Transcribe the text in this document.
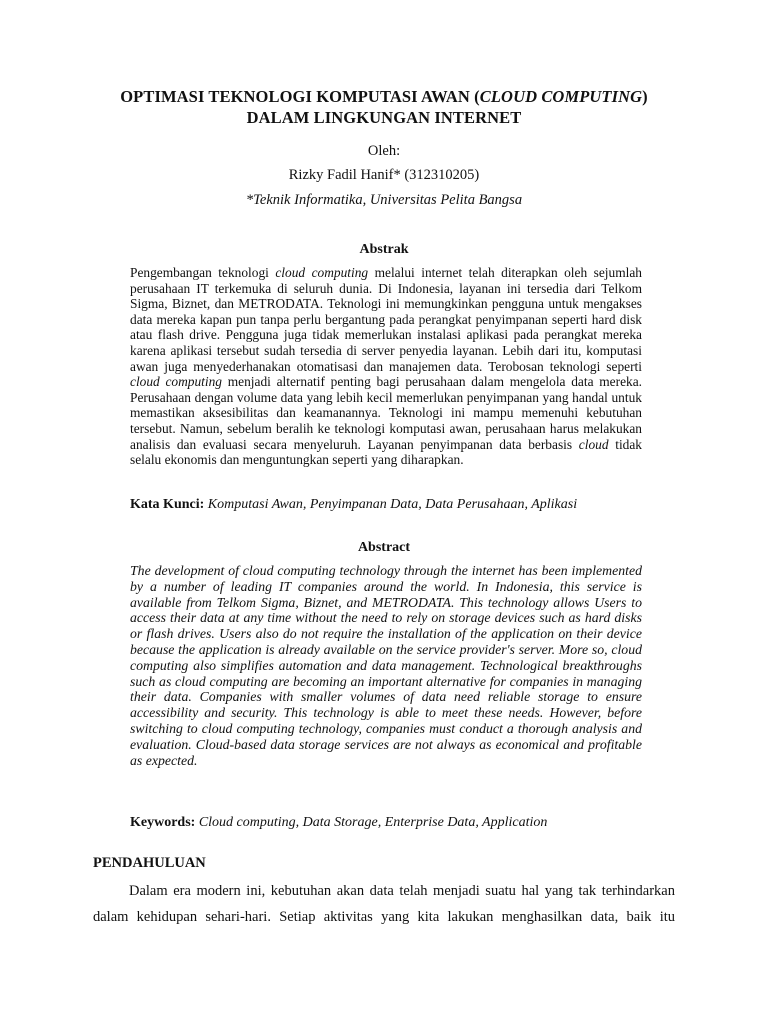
OPTIMASI TEKNOLOGI KOMPUTASI AWAN (CLOUD COMPUTING)
DALAM LINGKUNGAN INTERNET
Oleh:
Rizky Fadil Hanif* (312310205)
*Teknik Informatika, Universitas Pelita Bangsa
Abstrak
Pengembangan teknologi cloud computing melalui internet telah diterapkan oleh sejumlah perusahaan IT terkemuka di seluruh dunia. Di Indonesia, layanan ini tersedia dari Telkom Sigma, Biznet, dan METRODATA. Teknologi ini memungkinkan pengguna untuk mengakses data mereka kapan pun tanpa perlu bergantung pada perangkat penyimpanan seperti hard disk atau flash drive. Pengguna juga tidak memerlukan instalasi aplikasi pada perangkat mereka karena aplikasi tersebut sudah tersedia di server penyedia layanan. Lebih dari itu, komputasi awan juga menyederhanakan otomatisasi dan manajemen data. Terobosan teknologi seperti cloud computing menjadi alternatif penting bagi perusahaan dalam mengelola data mereka. Perusahaan dengan volume data yang lebih kecil memerlukan penyimpanan yang handal untuk memastikan aksesibilitas dan keamanannya. Teknologi ini mampu memenuhi kebutuhan tersebut. Namun, sebelum beralih ke teknologi komputasi awan, perusahaan harus melakukan analisis dan evaluasi secara menyeluruh. Layanan penyimpanan data berbasis cloud tidak selalu ekonomis dan menguntungkan seperti yang diharapkan.
Kata Kunci: Komputasi Awan, Penyimpanan Data, Data Perusahaan, Aplikasi
Abstract
The development of cloud computing technology through the internet has been implemented by a number of leading IT companies around the world. In Indonesia, this service is available from Telkom Sigma, Biznet, and METRODATA. This technology allows Users to access their data at any time without the need to rely on storage devices such as hard disks or flash drives. Users also do not require the installation of the application on their device because the application is already available on the service provider's server. More so, cloud computing also simplifies automation and data management. Technological breakthroughs such as cloud computing are becoming an important alternative for companies in managing their data. Companies with smaller volumes of data need reliable storage to ensure accessibility and security. This technology is able to meet these needs. However, before switching to cloud computing technology, companies must conduct a thorough analysis and evaluation. Cloud-based data storage services are not always as economical and profitable as expected.
Keywords: Cloud computing, Data Storage, Enterprise Data, Application
PENDAHULUAN
Dalam era modern ini, kebutuhan akan data telah menjadi suatu hal yang tak terhindarkan dalam kehidupan sehari-hari. Setiap aktivitas yang kita lakukan menghasilkan data, baik itu
